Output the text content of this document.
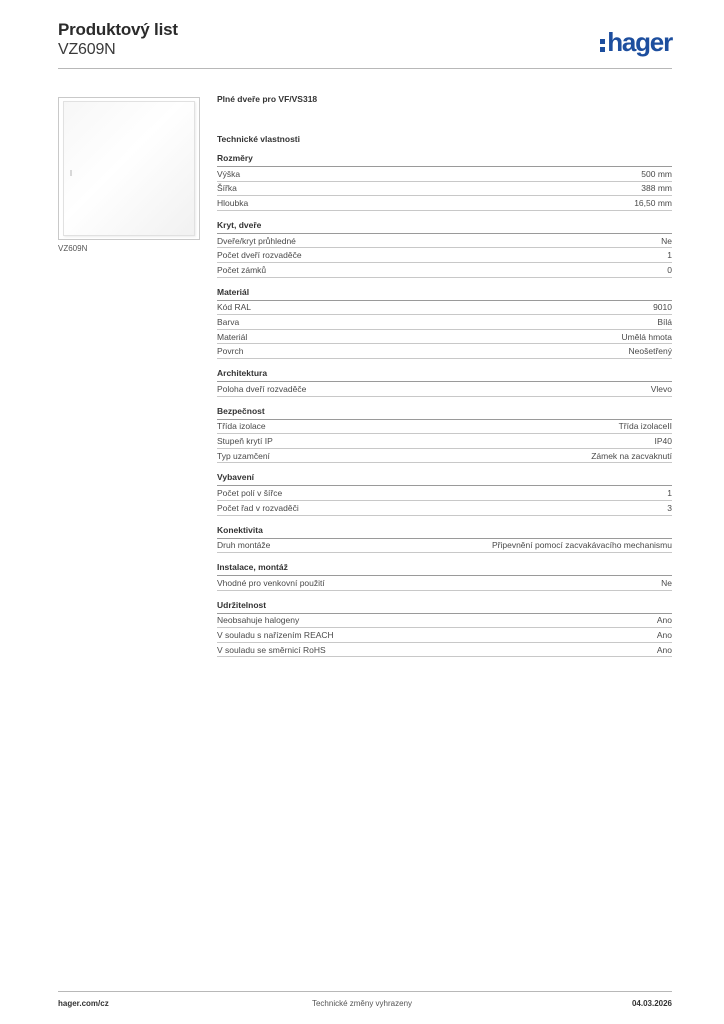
Produktový list
VZ609N	hager
VZ609N
Plné dveře pro VF/VS318
Technické vlastnosti
Rozměry
Výška	500 mm
Šířka	388 mm
Hloubka	16,50 mm
Kryt, dveře
Dveře/kryt průhledné	Ne
Počet dveří rozvaděče	1
Počet zámků	0
Materiál
Kód RAL	9010
Barva	Bílá
Materiál	Umělá hmota
Povrch	Neošetřený
Architektura
Poloha dveří rozvaděče	Vlevo
Bezpečnost
Třída izolace	Třída izolaceII
Stupeň krytí IP	IP40
Typ uzamčení	Zámek na zacvaknutí
Vybavení
Počet polí v šířce	1
Počet řad v rozvaděči	3
Konektivita
Druh montáže	Připevnění pomocí zacvakávacího mechanismu
Instalace, montáž
Vhodné pro venkovní použití	Ne
Udržitelnost
Neobsahuje halogeny	Ano
V souladu s nařízením REACH	Ano
V souladu se směrnicí RoHS	Ano
hager.com/cz	Technické změny vyhrazeny	04.03.2026
